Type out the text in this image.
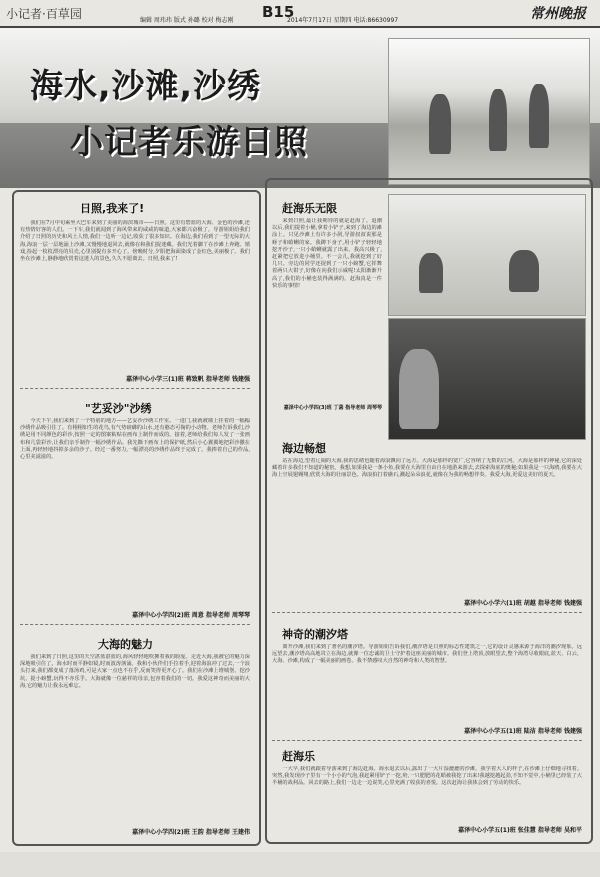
小记者·百草园	编辑 周玮玮 版式 孙璐 校对 梅志刚 B15
2014年7月17日 星期四 电话:86630997	常州晚报
海水,沙滩,沙绣
小记者乐游日照
日照,我来了!
我们在7月中旬乘坐大巴车来到了美丽的海滨城市——日照。这里有碧蓝的大海、金色的沙滩,还有热情好客的人们。一下车,我们就闻到了海风带来的咸咸的味道,大家都兴奋极了。导游姐姐给我们介绍了日照的历史和风土人情,我们一边听一边记,收获了很多知识。在海边,我们看到了一望无际的大海,海浪一层一层地涌上沙滩,又慢慢地退回去,就像在和我们捉迷藏。我们光着脚丫在沙滩上奔跑、嬉戏,捡起一枚枚漂亮的贝壳,心里别提有多开心了。傍晚时分,夕阳把海面染成了金红色,美丽极了。我们坐在沙滩上,静静地欣赏着这迷人的景色,久久不愿离去。日照,我来了!
嘉泽中心小学三(1)班 蒋致帆 指导老师 钱建强
"艺妥沙"沙绣
今天下午,我们来到了一个特别的地方——艺妥沙沙绣工作室。一进门,我就被墙上挂着的一幅幅沙绣作品吸引住了。有栩栩如生的花鸟,有气势磅礴的山水,还有憨态可掬的小动物。老师告诉我们,沙绣是用不同颜色的彩沙,按照一定的图案粘贴在画布上制作而成的。接着,老师给我们每人发了一张画布和几袋彩沙,让我们亲手制作一幅沙绣作品。我先撕下画布上的保护纸,然后小心翼翼地把彩沙撒在上面,再轻轻地抖掉多余的沙子。经过一番努力,一幅漂亮的沙绣作品终于完成了。我捧着自己的作品,心里美滋滋的。
嘉泽中心小学四(2)班 周意 指导老师 周琴琴
大海的魅力
我们来到了日照,这里的天空湛蓝湛蓝的,海风轻轻地吹拂着我的脸庞。走近大海,我被它的魅力深深地吸引住了。海水时而平静如镜,时而波涛汹涌。我和小伙伴们手拉着手,迎着海浪冲了过去,一个浪头打来,我们都变成了落汤鸡,可是大家一点也不在乎,反而笑得更开心了。我们在沙滩上堆城堡、挖沙坑、捉小螃蟹,玩得不亦乐乎。大海就像一位慈祥的母亲,包容着我们的一切。我爱这神奇而美丽的大海,它的魅力让我永远难忘。
嘉泽中心小学四(2)班 王韵 指导老师 王建伟
赶海乐无限
来到日照,最让我期待的就是赶海了。退潮以后,我们提着小桶,拿着小铲子,来到了海边的滩涂上。只见沙滩上有许多小洞,导游叔叔说那是蛏子和蛤蜊的家。我蹲下身子,用小铲子轻轻地挖开沙子,一只小蛤蜊就露了出来。我高兴极了,赶紧把它放进小桶里。不一会儿,我就挖到了好几只。旁边的同学还捉到了一只小螃蟹,它挥舞着两只大钳子,好像在向我们示威呢!太阳渐渐升高了,我们的小桶也装得满满的。赶海真是一件快乐的事情!
嘉泽中心小学四(3)班 丁菡 指导老师 周琴琴
海边畅想
站在海边,望着辽阔的大海,我的思绪也随着海浪飘向了远方。大海是那样的宽广,它容纳了无数的江河。大海是那样的神秘,它的深处藏着许多我们不知道的秘密。我想,如果我是一条小鱼,我要在大海里自由自在地游来游去,去探索海底的奥秘;如果我是一只海鸥,我要在大海上空展翅翱翔,欣赏大海的壮丽景色。海浪拍打着礁石,溅起朵朵浪花,就像在为我的畅想伴奏。我爱大海,更爱这美好的夏天。
嘉泽中心小学六(1)班 胡越 指导老师 钱建强
神奇的潮汐塔
离开沙滩,我们来到了著名的潮汐塔。导游姐姐告诉我们,潮汐塔是日照的标志性建筑之一,它的设计灵感来源于海洋的潮汐现象。远远望去,潮汐塔高高地耸立在海边,就像一位忠诚的卫士守护着这座美丽的城市。我们登上塔顶,放眼望去,整个海湾尽收眼底,蓝天、白云、大海、沙滩,构成了一幅美丽的画卷。我不禁感叹大自然的神奇和人类的智慧。
嘉泽中心小学五(1)班 陆洁 指导老师 钱建强
赶海乐
一大早,我们就跟着导游来到了海边赶海。海水退去以后,露出了一大片湿漉漉的沙滩。我学着大人的样子,在沙滩上仔细地寻找着。突然,我发现沙子里有一个小小的气泡,我赶紧用铲子一挖,哈,一只肥肥的花蛤被我挖了出来!我越挖越起劲,不知不觉中,小桶里已经装了大半桶的战利品。回去的路上,我们一边走一边说笑,心里充满了收获的喜悦。这次赶海让我体会到了劳动的快乐。
嘉泽中心小学五(1)班 张佳慧 指导老师 吴和平
